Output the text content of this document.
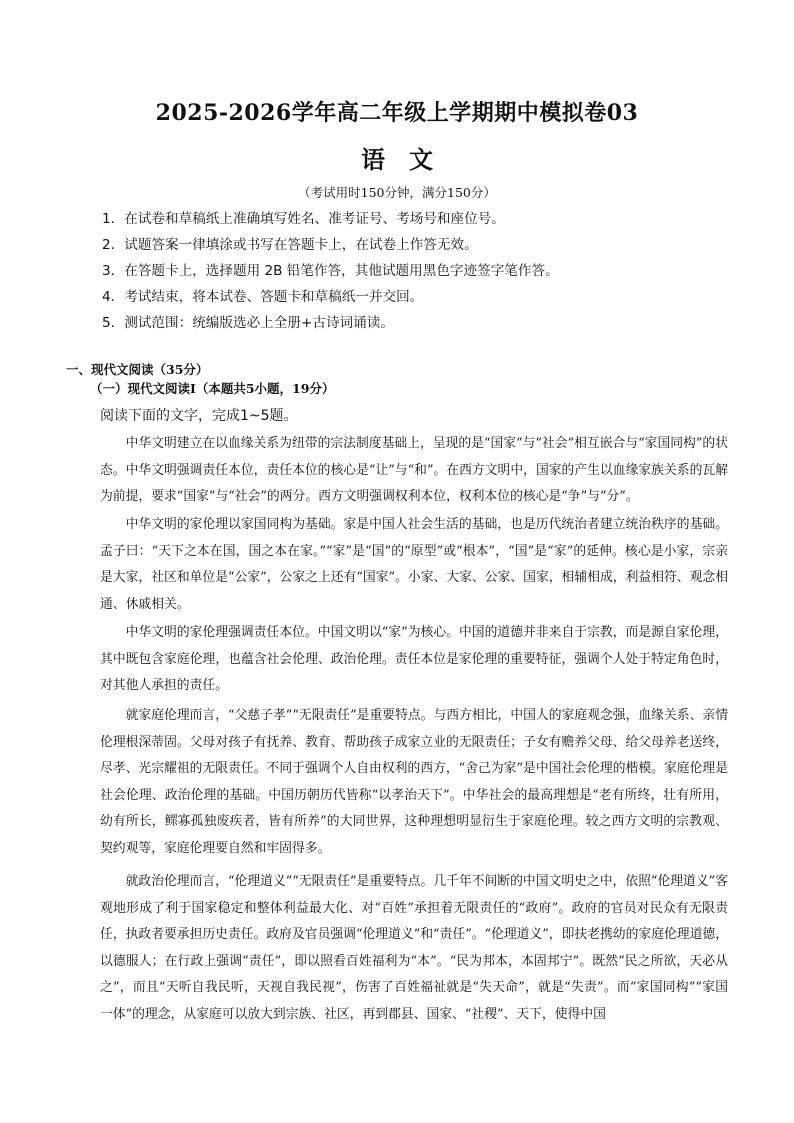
2025-2026学年高二年级上学期期中模拟卷03
语文
（考试用时150分钟，满分150分）
1．在试卷和草稿纸上准确填写姓名、准考证号、考场号和座位号。
2．试题答案一律填涂或书写在答题卡上，在试卷上作答无效。
3．在答题卡上，选择题用 2B 铅笔作答，其他试题用黑色字迹签字笔作答。
4．考试结束，将本试卷、答题卡和草稿纸一并交回。
5．测试范围：统编版选必上全册+古诗词诵读。
一、现代文阅读（35分）
（一）现代文阅读Ⅰ（本题共5小题，19分）
阅读下面的文字，完成1~5题。

中华文明建立在以血缘关系为纽带的宗法制度基础上，呈现的是“国家”与“社会”相互嵌合与“家国同构”的状态。中华文明强调责任本位，责任本位的核心是“让”与“和”。在西方文明中，国家的产生以血缘家族关系的瓦解为前提，要求“国家”与“社会”的两分。西方文明强调权利本位，权利本位的核心是“争”与“分”。

中华文明的家伦理以家国同构为基础。家是中国人社会生活的基础，也是历代统治者建立统治秩序的基础。孟子曰：“天下之本在国，国之本在家。”“家”是“国”的“原型”或“根本”，“国”是“家”的延伸。核心是小家，宗亲是大家，社区和单位是“公家”，公家之上还有“国家”。小家、大家、公家、国家，相辅相成，利益相符、观念相通、休戚相关。

中华文明的家伦理强调责任本位。中国文明以“家”为核心。中国的道德并非来自于宗教，而是源自家伦理，其中既包含家庭伦理，也蕴含社会伦理、政治伦理。责任本位是家伦理的重要特征，强调个人处于特定角色时，对其他人承担的责任。

就家庭伦理而言，“父慈子孝”“无限责任”是重要特点。与西方相比，中国人的家庭观念强，血缘关系、亲情伦理根深蒂固。父母对孩子有抚养、教育、帮助孩子成家立业的无限责任；子女有赡养父母、给父母养老送终，尽孝、光宗耀祖的无限责任。不同于强调个人自由权利的西方，“舍己为家”是中国社会伦理的楷模。家庭伦理是社会伦理、政治伦理的基础。中国历朝历代皆称“以孝治天下”。中华社会的最高理想是“老有所终，壮有所用，幼有所长，鳏寡孤独废疾者，皆有所养”的大同世界，这种理想明显衍生于家庭伦理。较之西方文明的宗教观、契约观等，家庭伦理要自然和牢固得多。

就政治伦理而言，“伦理道义”“无限责任”是重要特点。几千年不间断的中国文明史之中，依照“伦理道义”客观地形成了利于国家稳定和整体利益最大化、对“百姓”承担着无限责任的“政府”。政府的官员对民众有无限责任，执政者要承担历史责任。政府及官员强调“伦理道义”和“责任”。“伦理道义”，即扶老携幼的家庭伦理道德，以德服人；在行政上强调“责任”，即以照看百姓福利为“本”。“民为邦本，本固邦宁”。既然“民之所欲，天必从之”，而且“天听自我民听，天视自我民视”，伤害了百姓福祉就是“失天命”，就是“失责”。而“家国同构”“家国一体”的理念，从家庭可以放大到宗族、社区，再到郡县、国家、“社稷”、天下，使得中国
